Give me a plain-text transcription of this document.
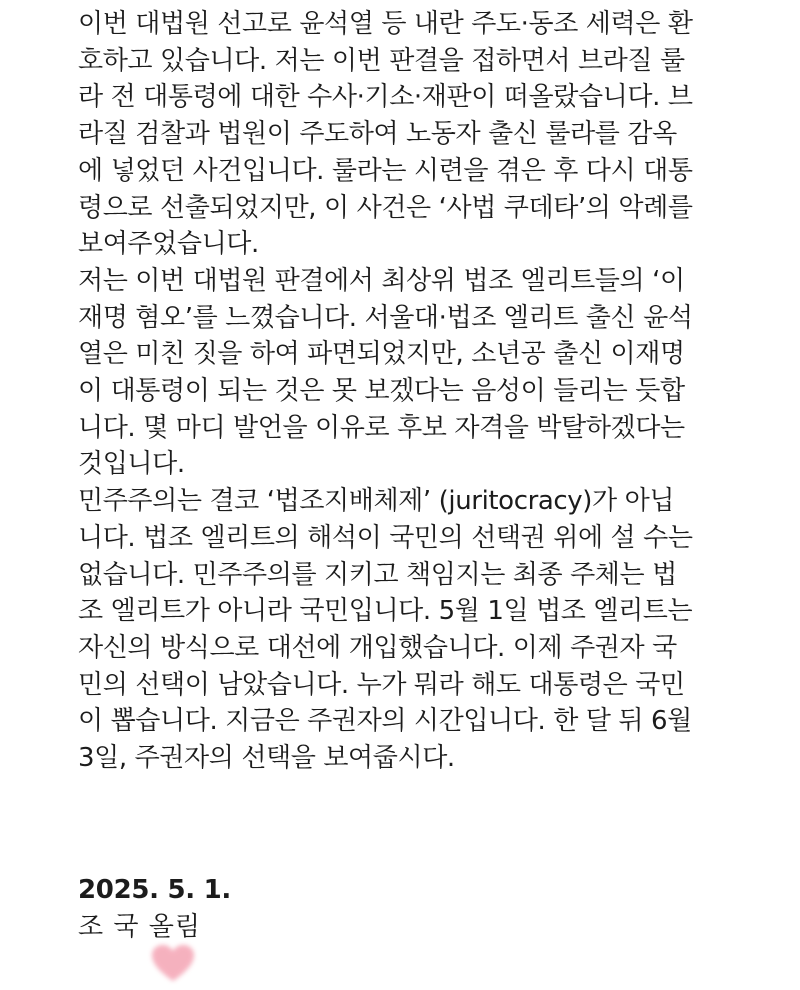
이번 대법원 선고로 윤석열 등 내란 주도·동조 세력은 환
호하고 있습니다. 저는 이번 판결을 접하면서 브라질 룰
라 전 대통령에 대한 수사·기소·재판이 떠올랐습니다. 브
라질 검찰과 법원이 주도하여 노동자 출신 룰라를 감옥
에 넣었던 사건입니다. 룰라는 시련을 겪은 후 다시 대통
령으로 선출되었지만, 이 사건은 ‘사법 쿠데타’의 악례를
보여주었습니다.
저는 이번 대법원 판결에서 최상위 법조 엘리트들의 ‘이
재명 혐오’를 느꼈습니다. 서울대·법조 엘리트 출신 윤석
열은 미친 짓을 하여 파면되었지만, 소년공 출신 이재명
이 대통령이 되는 것은 못 보겠다는 음성이 들리는 듯합
니다. 몇 마디 발언을 이유로 후보 자격을 박탈하겠다는
것입니다.
민주주의는 결코 ‘법조지배체제’ (juritocracy)가 아닙
니다. 법조 엘리트의 해석이 국민의 선택권 위에 설 수는
없습니다. 민주주의를 지키고 책임지는 최종 주체는 법
조 엘리트가 아니라 국민입니다. 5월 1일 법조 엘리트는
자신의 방식으로 대선에 개입했습니다. 이제 주권자 국
민의 선택이 남았습니다. 누가 뭐라 해도 대통령은 국민
이 뽑습니다. 지금은 주권자의 시간입니다. 한 달 뒤 6월
3일, 주권자의 선택을 보여줍시다.
2025. 5. 1.
조 국 올림
